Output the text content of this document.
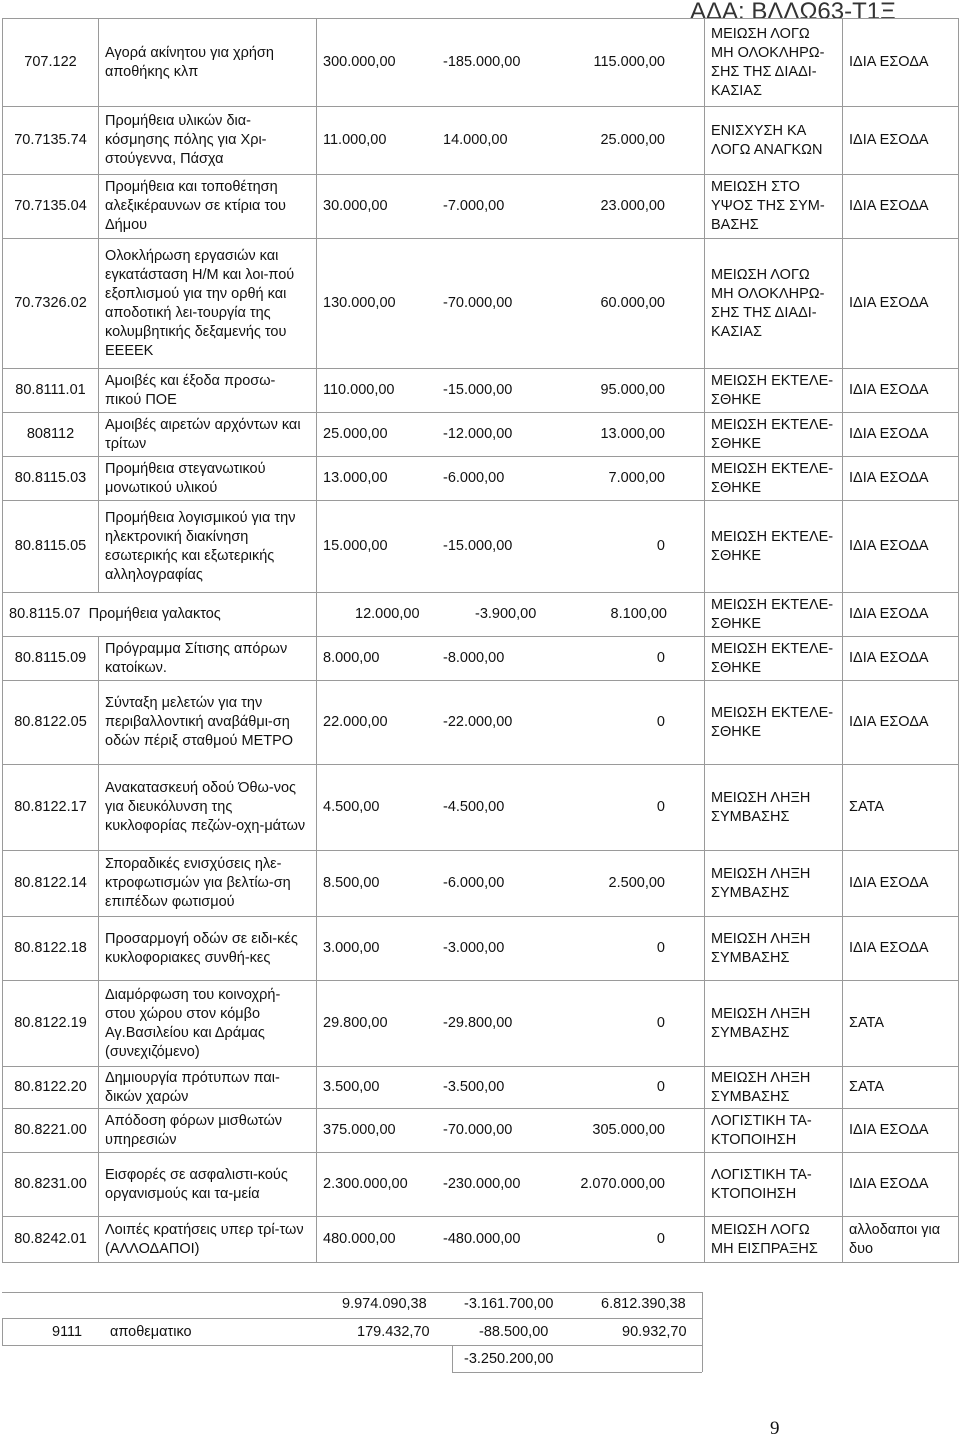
ΑΔΑ: ΒΛΛΩ63-Τ1Ξ
707.122	Αγορά ακίνητου για χρήση αποθήκης κλπ	300.000,00 -185.000,00 115.000,00	ΜΕΙΩΣΗ ΛΟΓΩ ΜΗ ΟΛΟΚΛΗΡΩ-ΣΗΣ ΤΗΣ ΔΙΑΔΙ-ΚΑΣΙΑΣ	ΙΔΙΑ ΕΣΟΔΑ
70.7135.74	Προμήθεια υλικών δια-κόσμησης πόλης για Χρι-στούγεννα, Πάσχα	11.000,00 14.000,00 25.000,00	ΕΝΙΣΧΥΣΗ ΚΑ ΛΟΓΩ ΑΝΑΓΚΩΝ	ΙΔΙΑ ΕΣΟΔΑ
70.7135.04	Προμήθεια και τοποθέτηση αλεξικέραυνων σε κτίρια του Δήμου	30.000,00 -7.000,00 23.000,00	ΜΕΙΩΣΗ ΣΤΟ ΥΨΟΣ ΤΗΣ ΣΥΜ-ΒΑΣΗΣ	ΙΔΙΑ ΕΣΟΔΑ
70.7326.02	Ολοκλήρωση εργασιών και εγκατάσταση Η/Μ και λοι-πού εξοπλισμού για την ορθή και αποδοτική λει-τουργία της κολυμβητικής δεξαμενής του ΕΕΕΕΚ	130.000,00 -70.000,00 60.000,00	ΜΕΙΩΣΗ ΛΟΓΩ ΜΗ ΟΛΟΚΛΗΡΩ-ΣΗΣ ΤΗΣ ΔΙΑΔΙ-ΚΑΣΙΑΣ	ΙΔΙΑ ΕΣΟΔΑ
80.8111.01	Αμοιβές και έξοδα προσω-πικού ΠΟΕ	110.000,00 -15.000,00 95.000,00	ΜΕΙΩΣΗ ΕΚΤΕΛΕ-ΣΘΗΚΕ	ΙΔΙΑ ΕΣΟΔΑ
808112	Αμοιβές αιρετών αρχόντων και τρίτων	25.000,00 -12.000,00 13.000,00	ΜΕΙΩΣΗ ΕΚΤΕΛΕ-ΣΘΗΚΕ	ΙΔΙΑ ΕΣΟΔΑ
80.8115.03	Προμήθεια στεγανωτικού μονωτικού υλικού	13.000,00 -6.000,00 7.000,00	ΜΕΙΩΣΗ ΕΚΤΕΛΕ-ΣΘΗΚΕ	ΙΔΙΑ ΕΣΟΔΑ
80.8115.05	Προμήθεια λογισμικού για την ηλεκτρονική διακίνηση εσωτερικής και εξωτερικής αλληλογραφίας	15.000,00 -15.000,00 0	ΜΕΙΩΣΗ ΕΚΤΕΛΕ-ΣΘΗΚΕ	ΙΔΙΑ ΕΣΟΔΑ
80.8115.07 Προμήθεια γαλακτος		12.000,00 -3.900,00 8.100,00	ΜΕΙΩΣΗ ΕΚΤΕΛΕ-ΣΘΗΚΕ	ΙΔΙΑ ΕΣΟΔΑ
80.8115.09	Πρόγραμμα Σίτισης απόρων κατοίκων.	8.000,00 -8.000,00 0	ΜΕΙΩΣΗ ΕΚΤΕΛΕ-ΣΘΗΚΕ	ΙΔΙΑ ΕΣΟΔΑ
80.8122.05	Σύνταξη μελετών για την περιβαλλοντική αναβάθμι-ση οδών πέριξ σταθμού ΜΕΤΡΟ	22.000,00 -22.000,00 0	ΜΕΙΩΣΗ ΕΚΤΕΛΕ-ΣΘΗΚΕ	ΙΔΙΑ ΕΣΟΔΑ
80.8122.17	Ανακατασκευή οδού Όθω-νος για διευκόλυνση της κυκλοφορίας πεζών-οχη-μάτων	4.500,00 -4.500,00 0	ΜΕΙΩΣΗ ΛΗΞΗ ΣΥΜΒΑΣΗΣ	ΣΑΤΑ
80.8122.14	Σποραδικές ενισχύσεις ηλε-κτροφωτισμών για βελτίω-ση επιπέδων φωτισμού	8.500,00 -6.000,00 2.500,00	ΜΕΙΩΣΗ ΛΗΞΗ ΣΥΜΒΑΣΗΣ	ΙΔΙΑ ΕΣΟΔΑ
80.8122.18	Προσαρμογή οδών σε ειδι-κές κυκλοφοριακες συνθή-κες	3.000,00 -3.000,00 0	ΜΕΙΩΣΗ ΛΗΞΗ ΣΥΜΒΑΣΗΣ	ΙΔΙΑ ΕΣΟΔΑ
80.8122.19	Διαμόρφωση του κοινοχρή-στου χώρου στον κόμβο Αγ.Βασιλείου και Δράμας (συνεχιζόμενο)	29.800,00 -29.800,00 0	ΜΕΙΩΣΗ ΛΗΞΗ ΣΥΜΒΑΣΗΣ	ΣΑΤΑ
80.8122.20	Δημιουργία πρότυπων παι-δικών χαρών	3.500,00 -3.500,00 0	ΜΕΙΩΣΗ ΛΗΞΗ ΣΥΜΒΑΣΗΣ	ΣΑΤΑ
80.8221.00	Απόδοση φόρων μισθωτών υπηρεσιών	375.000,00 -70.000,00 305.000,00	ΛΟΓΙΣΤΙΚΗ ΤΑ-ΚΤΟΠΟΙΗΣΗ	ΙΔΙΑ ΕΣΟΔΑ
80.8231.00	Εισφορές σε ασφαλιστι-κούς οργανισμούς και τα-μεία	2.300.000,00 -230.000,00 2.070.000,00	ΛΟΓΙΣΤΙΚΗ ΤΑ-ΚΤΟΠΟΙΗΣΗ	ΙΔΙΑ ΕΣΟΔΑ
80.8242.01	Λοιπές κρατήσεις υπερ τρί-των (ΑΛΛΟΔΑΠΟΙ)	480.000,00 -480.000,00 0	ΜΕΙΩΣΗ ΛΟΓΩ ΜΗ ΕΙΣΠΡΑΞΗΣ	αλλοδαποι για δυο
9.974.090,38	-3.161.700,00	6.812.390,38
9111 αποθεματικο	179.432,70	-88.500,00	90.932,70
-3.250.200,00
9
